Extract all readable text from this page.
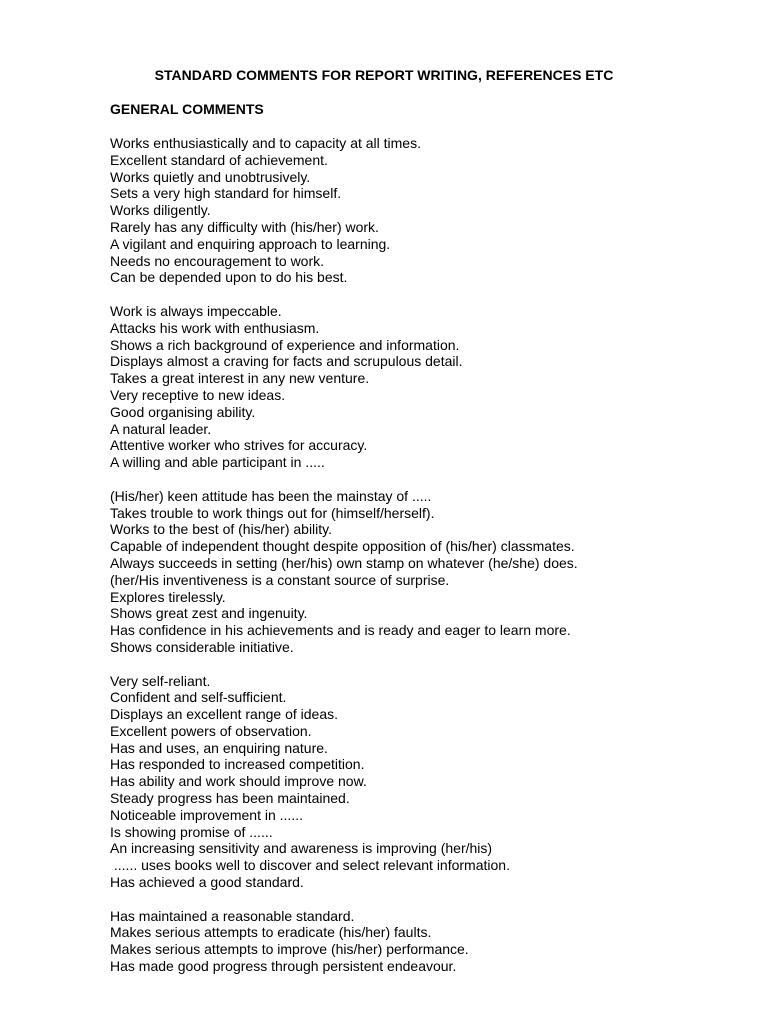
STANDARD COMMENTS FOR REPORT WRITING, REFERENCES ETC
GENERAL COMMENTS
Works enthusiastically and to capacity at all times.
Excellent standard of achievement.
Works quietly and unobtrusively.
Sets a very high standard for himself.
Works diligently.
Rarely has any difficulty with (his/her) work.
A vigilant and enquiring approach to learning.
Needs no encouragement to work.
Can be depended upon to do his best.
Work is always impeccable.
Attacks his work with enthusiasm.
Shows a rich background of experience and information.
Displays almost a craving for facts and scrupulous detail.
Takes a great interest in any new venture.
Very receptive to new ideas.
Good organising ability.
A natural leader.
Attentive worker who strives for accuracy.
A willing and able participant in .....
(His/her) keen attitude has been the mainstay of .....
Takes trouble to work things out for (himself/herself).
Works to the best of (his/her) ability.
Capable of independent thought despite opposition of (his/her) classmates.
Always succeeds in setting (her/his) own stamp on whatever (he/she) does.
(her/His inventiveness is a constant source of surprise.
Explores tirelessly.
Shows great zest and ingenuity.
Has confidence in his achievements and is ready and eager to learn more.
Shows considerable initiative.
Very self-reliant.
Confident and self-sufficient.
Displays an excellent range of ideas.
Excellent powers of observation.
Has and uses, an enquiring nature.
Has responded to increased competition.
Has ability and work should improve now.
Steady progress has been maintained.
Noticeable improvement in ......
Is showing promise of ......
An increasing sensitivity and awareness is improving (her/his)
...... uses books well to discover and select relevant information.
Has achieved a good standard.
Has maintained a reasonable standard.
Makes serious attempts to eradicate (his/her) faults.
Makes serious attempts to improve (his/her) performance.
Has made good progress through persistent endeavour.
